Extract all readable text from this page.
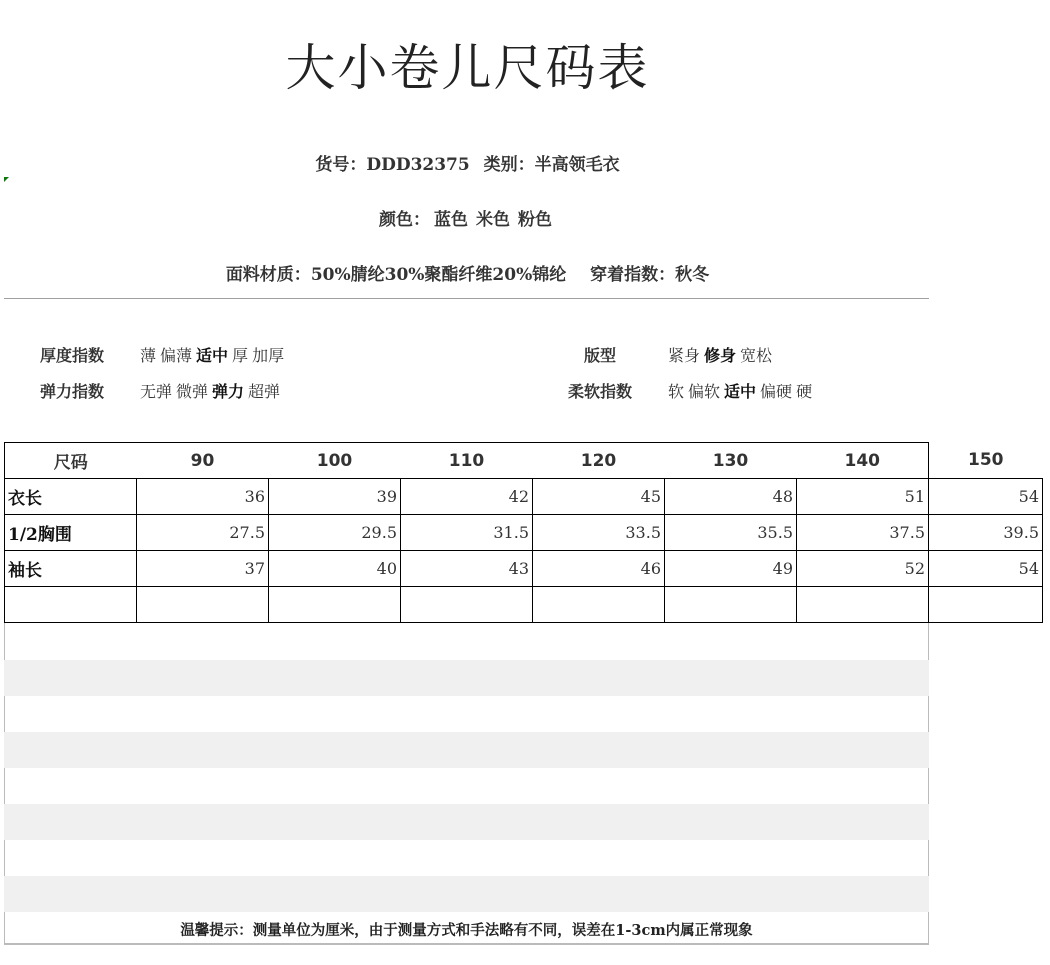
大小卷儿尺码表
货号：DDD32375 类别：半高领毛衣
颜色： 蓝色 米色 粉色
面料材质：50%腈纶30%聚酯纤维20%锦纶 穿着指数：秋冬
厚度指数	薄 偏薄 适中 厚 加厚
弹力指数	无弹 微弹 弹力 超弹
版型	紧身 修身 宽松
柔软指数	软 偏软 适中 偏硬 硬
尺码	90	100	110	120	130	140	150
衣长	36	39	42	45	48	51	54
1/2胸围	27.5	29.5	31.5	33.5	35.5	37.5	39.5
袖长	37	40	43	46	49	52	54

温馨提示：测量单位为厘米，由于测量方式和手法略有不同，误差在1-3cm内属正常现象
